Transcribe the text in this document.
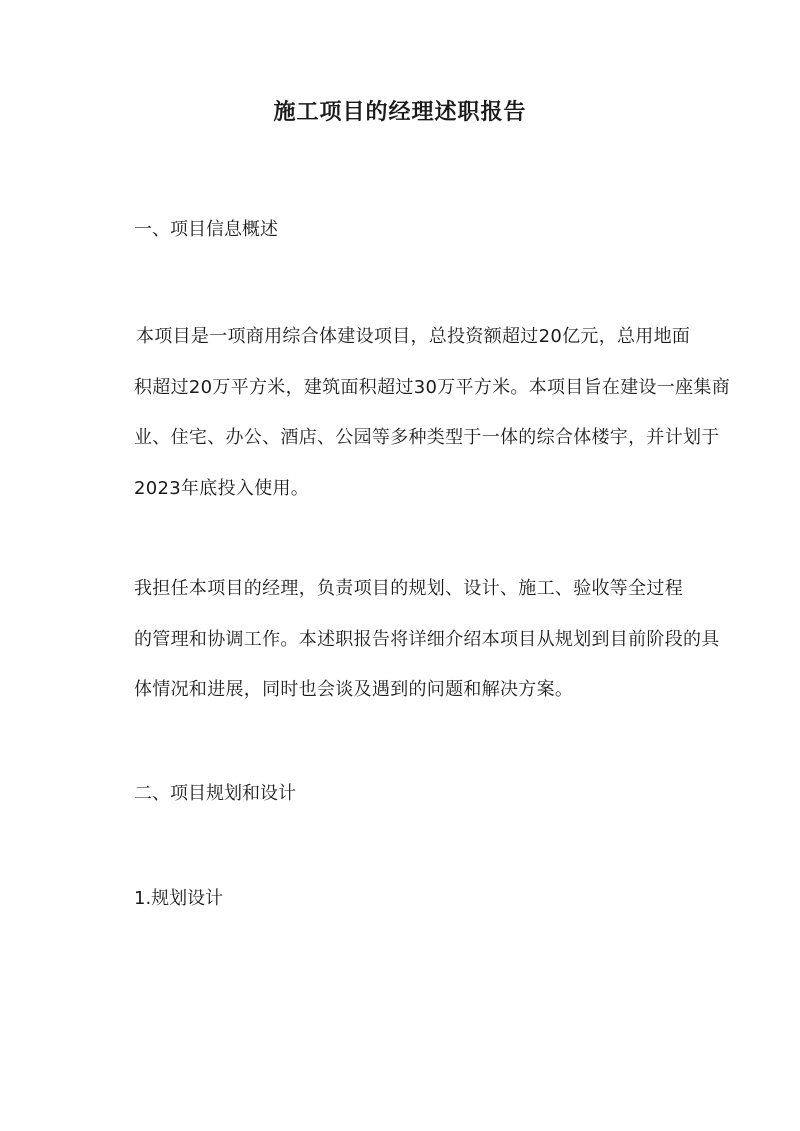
施工项目的经理述职报告
一、项目信息概述
本项目是一项商用综合体建设项目，总投资额超过20亿元，总用地面
积超过20万平方米，建筑面积超过30万平方米。本项目旨在建设一座集商
业、住宅、办公、酒店、公园等多种类型于一体的综合体楼宇，并计划于
2023年底投入使用。
我担任本项目的经理，负责项目的规划、设计、施工、验收等全过程
的管理和协调工作。本述职报告将详细介绍本项目从规划到目前阶段的具
体情况和进展，同时也会谈及遇到的问题和解决方案。
二、项目规划和设计
1.规划设计
